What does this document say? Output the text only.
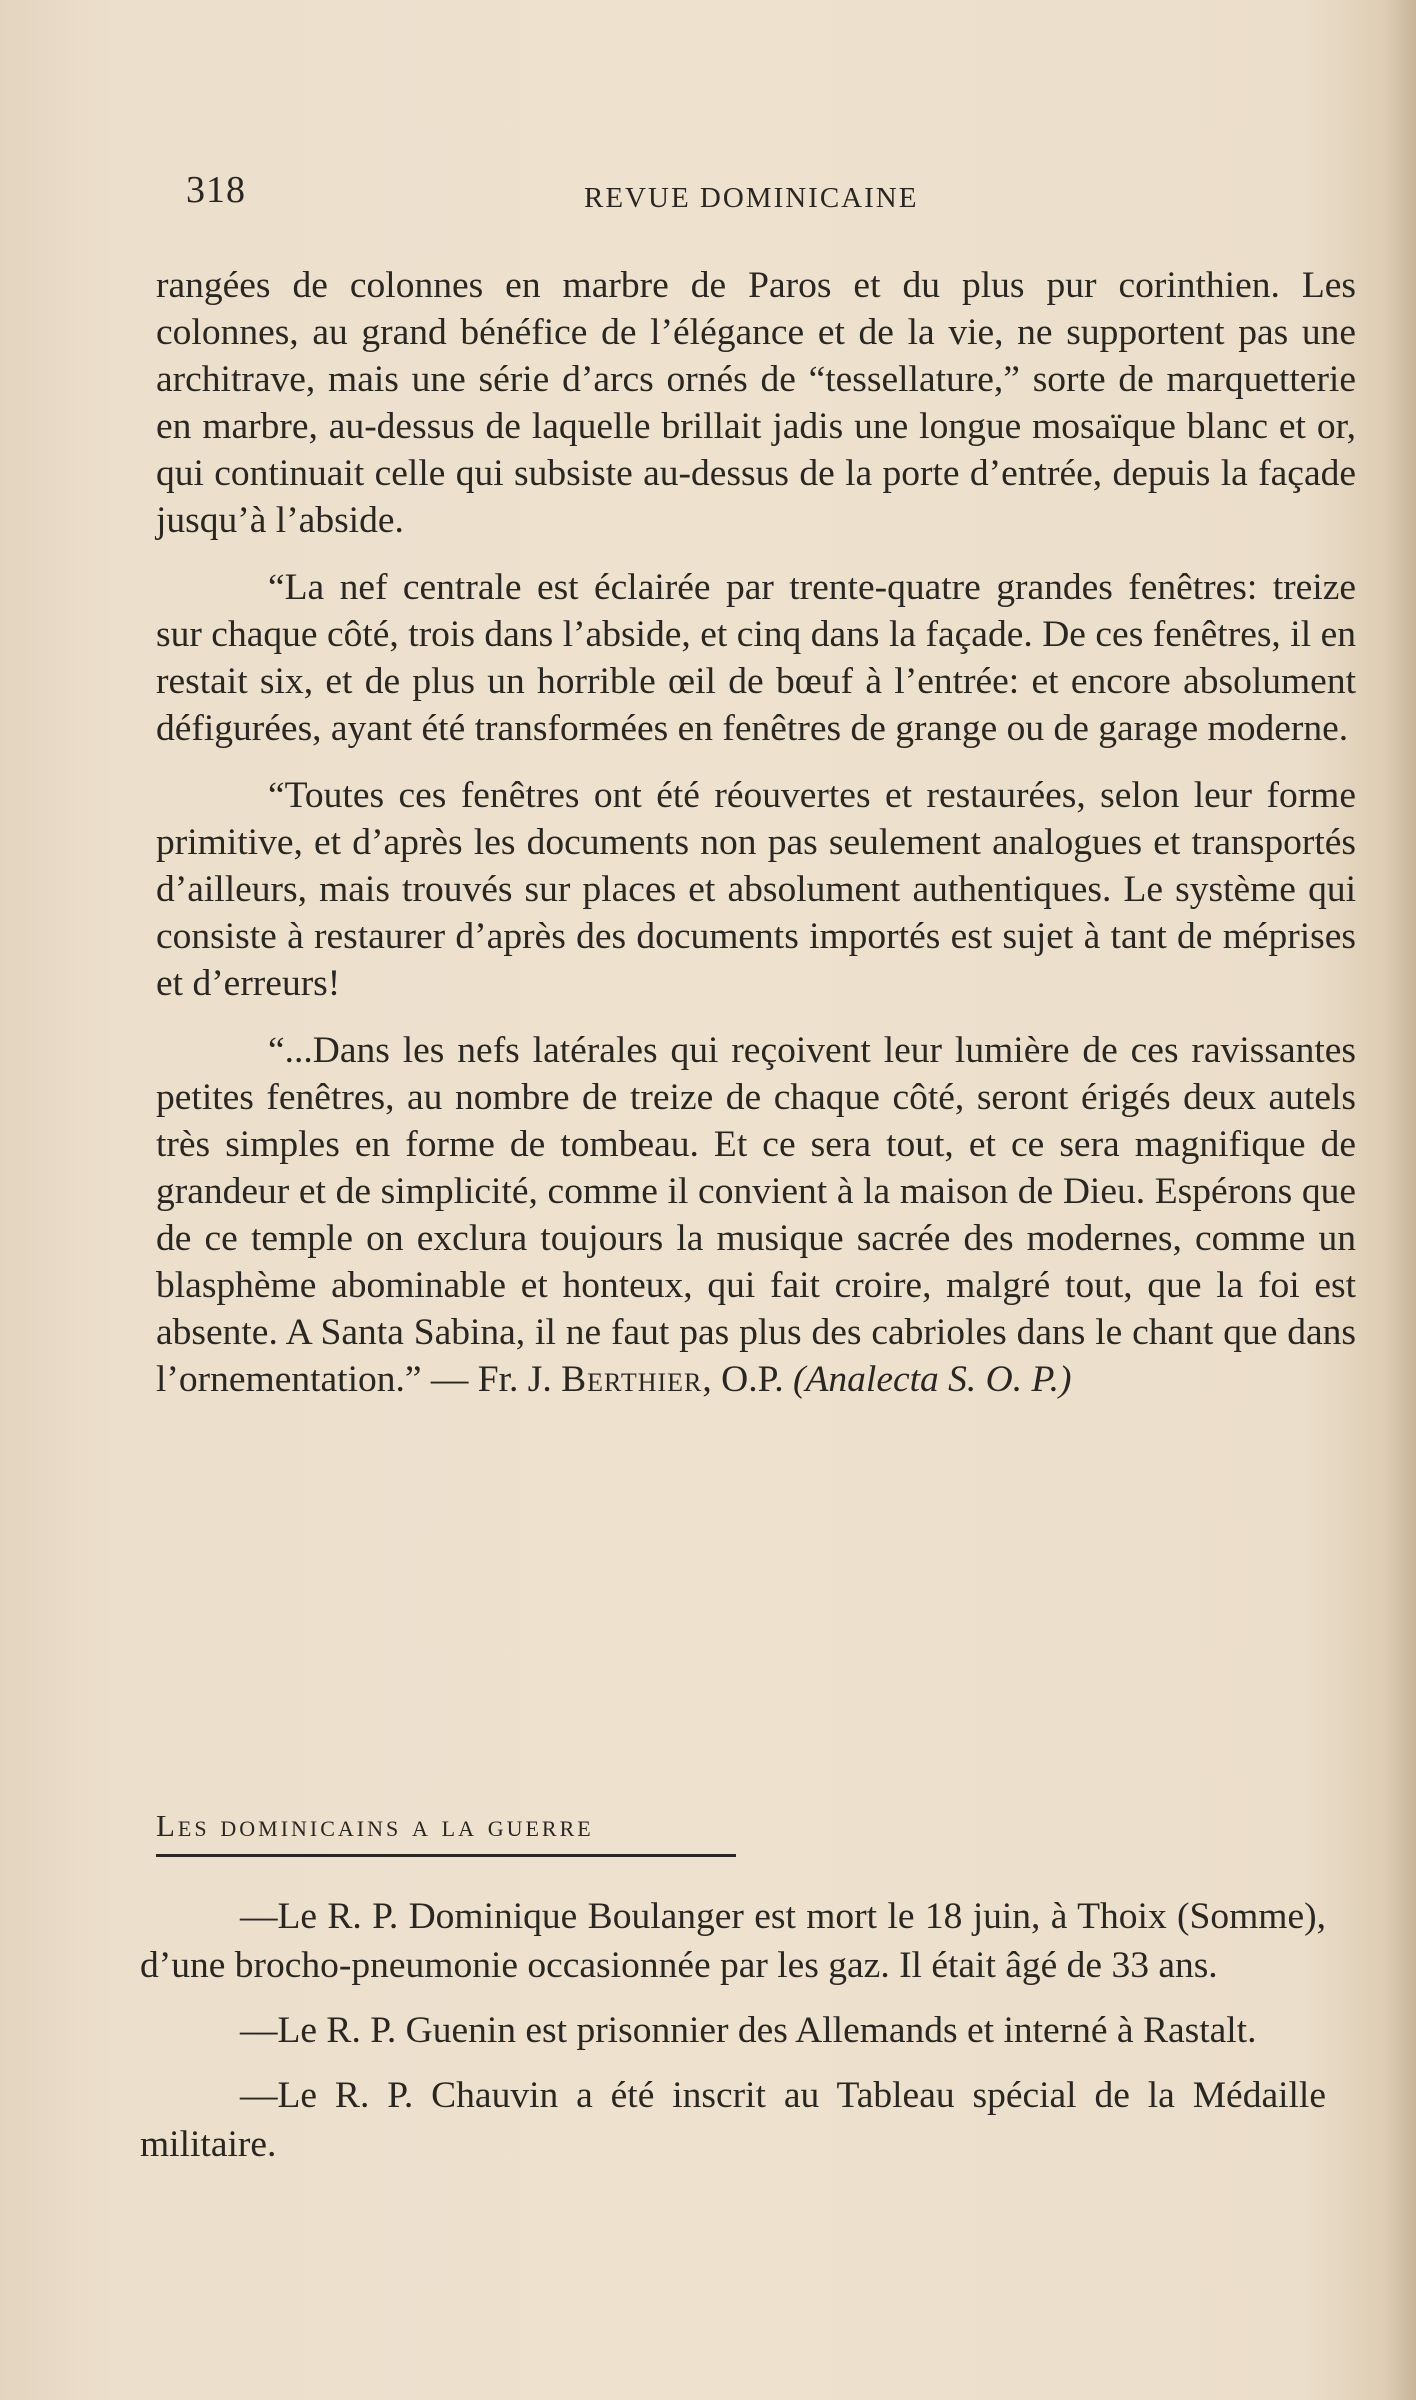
318	REVUE DOMINICAINE

rangées de colonnes en marbre de Paros et du plus pur corinthien. Les colonnes, au grand bénéfice de l’élégance et de la vie, ne supportent pas une architrave, mais une série d’arcs ornés de “tessellature,” sorte de marquetterie en marbre, au-dessus de laquelle brillait jadis une longue mosaïque blanc et or, qui continuait celle qui subsiste au-dessus de la porte d’entrée, depuis la façade jusqu’à l’abside.

“La nef centrale est éclairée par trente-quatre grandes fenêtres: treize sur chaque côté, trois dans l’abside, et cinq dans la façade. De ces fenêtres, il en restait six, et de plus un horrible œil de bœuf à l’entrée: et encore absolument défigurées, ayant été transformées en fenêtres de grange ou de garage moderne.

“Toutes ces fenêtres ont été réouvertes et restaurées, selon leur forme primitive, et d’après les documents non pas seulement analogues et transportés d’ailleurs, mais trouvés sur places et absolument authentiques. Le système qui consiste à restaurer d’après des documents importés est sujet à tant de méprises et d’erreurs!

“...Dans les nefs latérales qui reçoivent leur lumière de ces ravissantes petites fenêtres, au nombre de treize de chaque côté, seront érigés deux autels très simples en forme de tombeau. Et ce sera tout, et ce sera magnifique de grandeur et de simplicité, comme il convient à la maison de Dieu. Espérons que de ce temple on exclura toujours la musique sacrée des modernes, comme un blasphème abominable et honteux, qui fait croire, malgré tout, que la foi est absente. A Santa Sabina, il ne faut pas plus des cabrioles dans le chant que dans l’ornementation.” — Fr. J. Berthier, O.P. (Analecta S. O. P.)

Les dominicains a la guerre

—Le R. P. Dominique Boulanger est mort le 18 juin, à Thoix (Somme), d’une brocho-pneumonie occasionnée par les gaz. Il était âgé de 33 ans.

—Le R. P. Guenin est prisonnier des Allemands et interné à Rastalt.

—Le R. P. Chauvin a été inscrit au Tableau spécial de la Médaille militaire.
